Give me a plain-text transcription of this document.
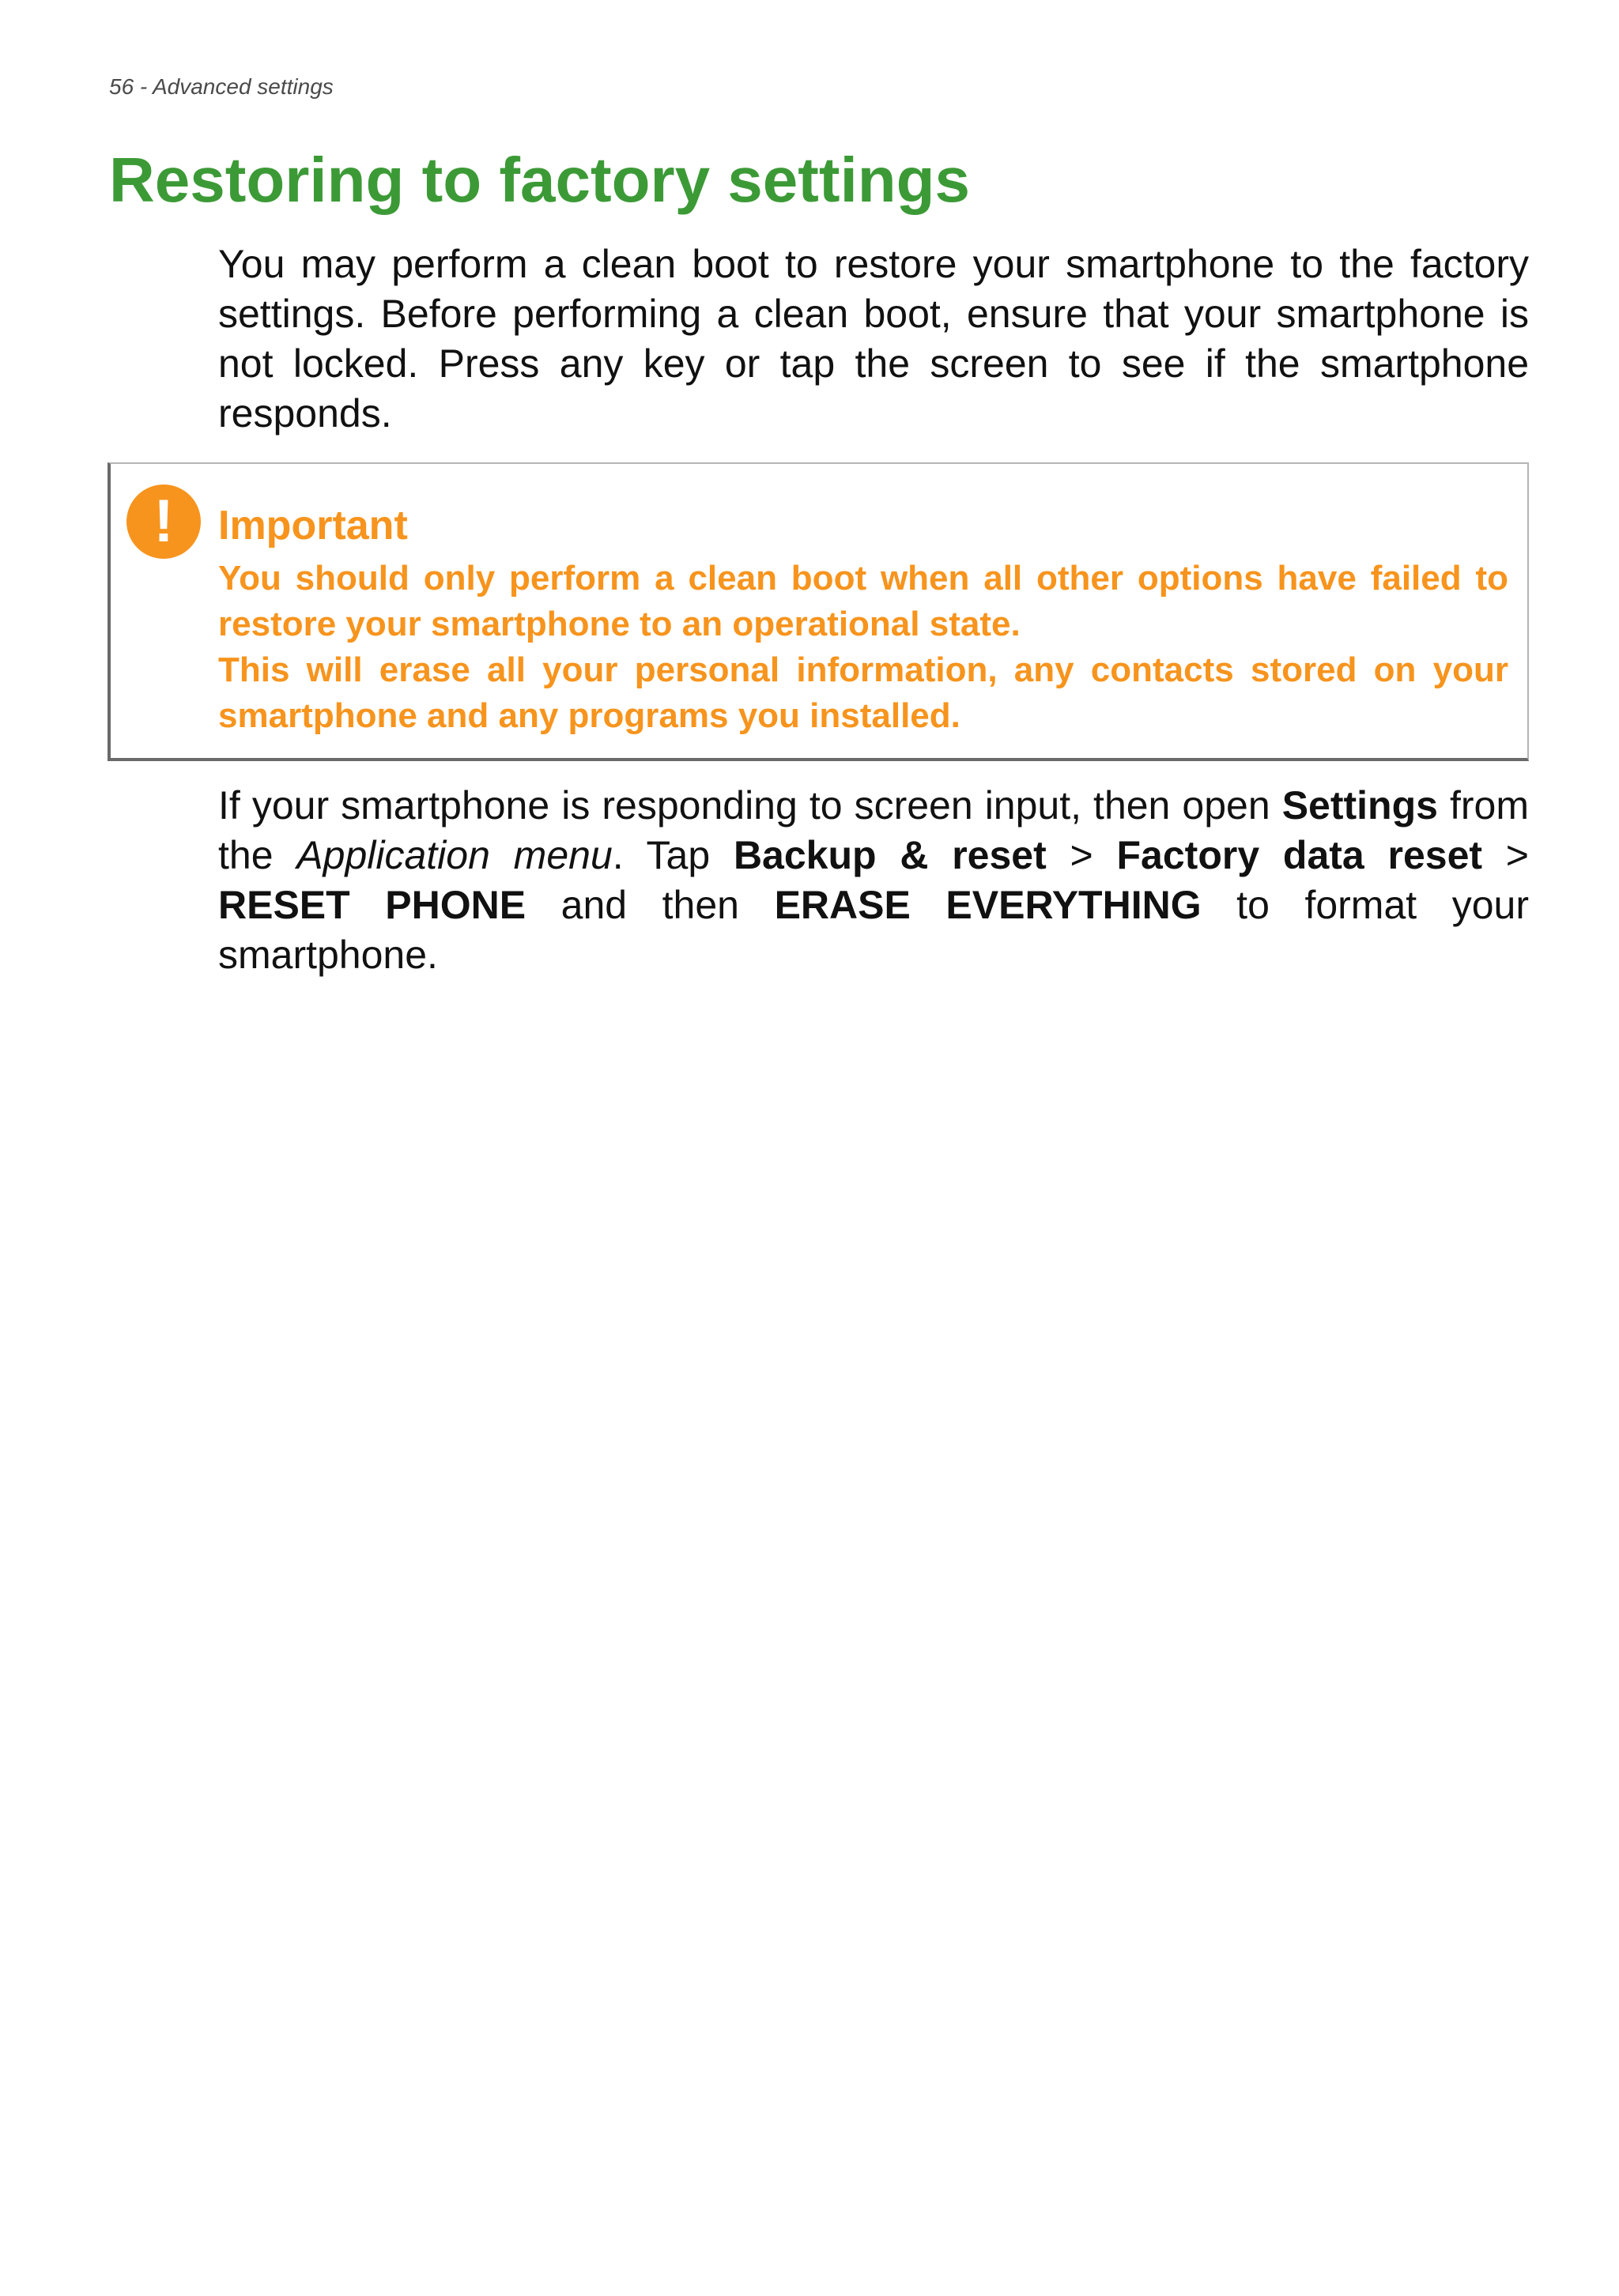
56 - Advanced settings
Restoring to factory settings

You may perform a clean boot to restore your smartphone to the factory settings. Before performing a clean boot, ensure that your smartphone is not locked. Press any key or tap the screen to see if the smartphone responds.

!	Important

You should only perform a clean boot when all other options have failed to restore your smartphone to an operational state.
This will erase all your personal information, any contacts stored on your smartphone and any programs you installed.

If your smartphone is responding to screen input, then open Settings from the Application menu. Tap Backup & reset > Factory data reset > RESET PHONE and then ERASE EVERYTHING to format your smartphone.
